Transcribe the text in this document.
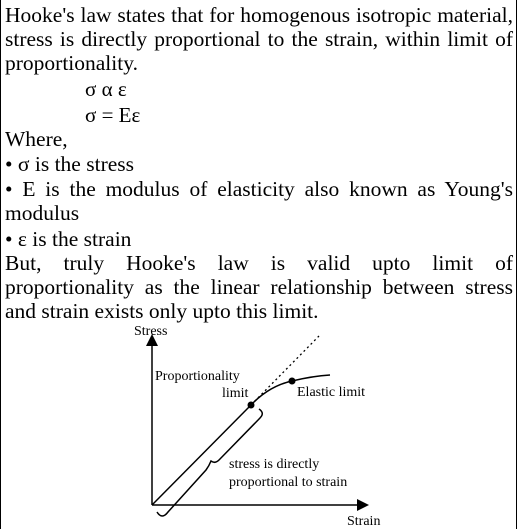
Hooke's law states that for homogenous isotropic material, stress is directly proportional to the strain, within limit of proportionality.
σ α ε
σ = Eε
Where,
• σ is the stress
• E is the modulus of elasticity also known as Young's modulus
• ε is the strain
But, truly Hooke's law is valid upto limit of proportionality as the linear relationship between stress and strain exists only upto this limit.
Stress
Strain
Proportionality
limit	Elastic limit
stress is directly
proportional to strain
